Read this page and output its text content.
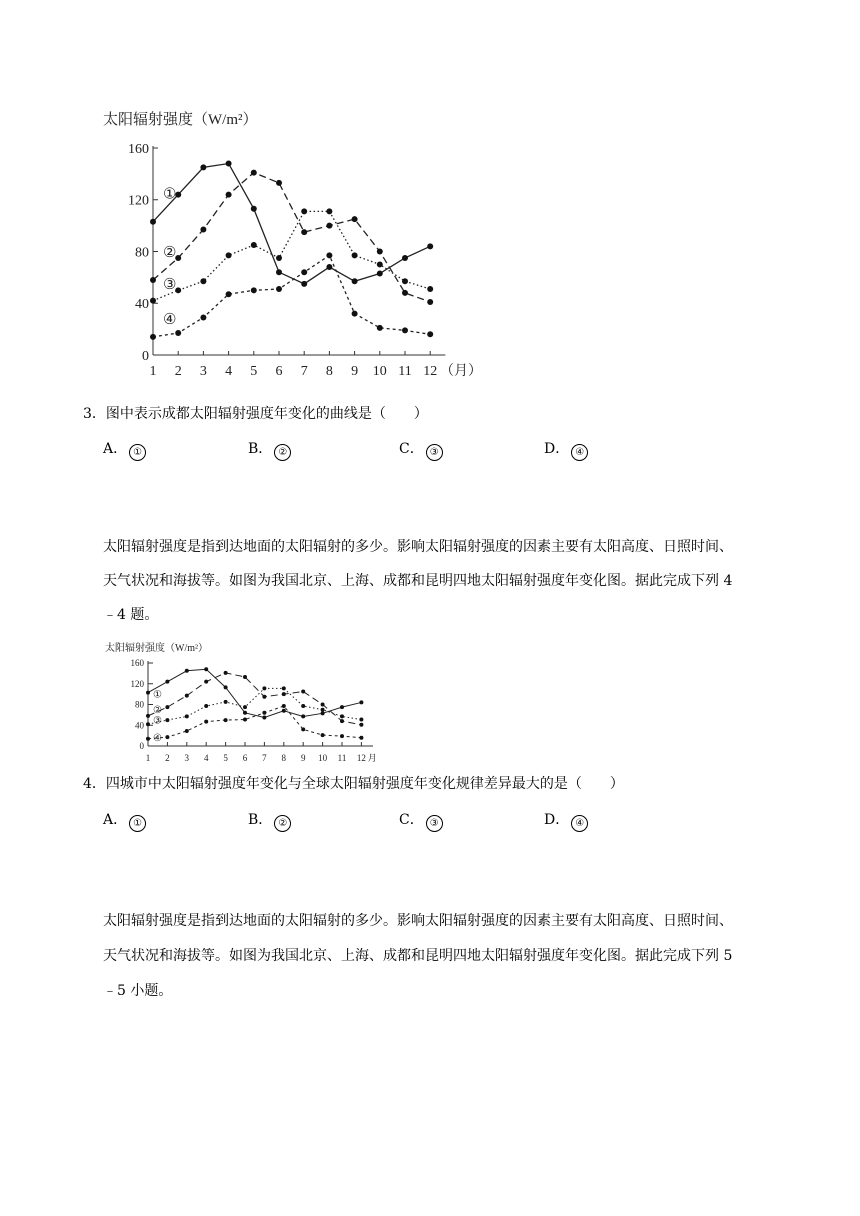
太阳辐射强度（W/m²）
0
40
80
120
160
1 2 3 4 5 6 7 8 9 10 11 12 （月）
①
②
③
④
3．图中表示成都太阳辐射强度年变化的曲线是（　　）
A． ①	B． ②	C． ③	D． ④
太阳辐射强度是指到达地面的太阳辐射的多少。影响太阳辐射强度的因素主要有太阳高度、日照时间、
天气状况和海拔等。如图为我国北京、上海、成都和昆明四地太阳辐射强度年变化图。据此完成下列 4
﹣4 题。
太阳辐射强度（W/m²）
0
40
80
120
160
1 2 3 4 5 6 7 8 9 10 11 12 月
①
②
③
④
4．四城市中太阳辐射强度年变化与全球太阳辐射强度年变化规律差异最大的是（　　）
A． ①	B． ②	C． ③	D． ④
太阳辐射强度是指到达地面的太阳辐射的多少。影响太阳辐射强度的因素主要有太阳高度、日照时间、
天气状况和海拔等。如图为我国北京、上海、成都和昆明四地太阳辐射强度年变化图。据此完成下列 5
﹣5 小题。
